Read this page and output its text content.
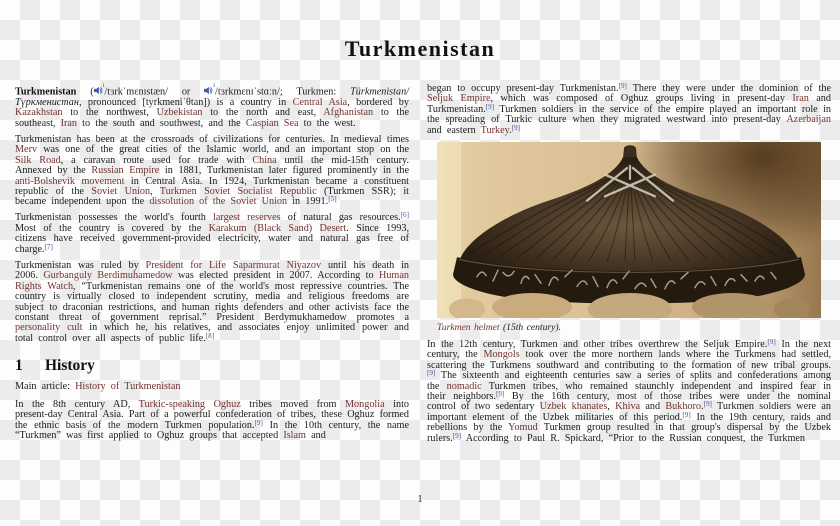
Turkmenistan

Turkmenistan ($^i$/tɜrkˈmɛnɪstæn/ or $^i$/tɜrkmɛnɪˈstɑːn/; Turkmen: Türkmenistan/Түркменистан, pronounced [tyrkmeniˈθtan]) is a country in Central Asia, bordered by Kazakhstan to the northwest, Uzbekistan to the north and east, Afghanistan to the southeast, Iran to the south and southwest, and the Caspian Sea to the west.

Turkmenistan has been at the crossroads of civilizations for centuries. In medieval times Merv was one of the great cities of the Islamic world, and an important stop on the Silk Road, a caravan route used for trade with China until the mid-15th century. Annexed by the Russian Empire in 1881, Turkmenistan later figured prominently in the anti-Bolshevik movement in Central Asia. In 1924, Turkmenistan became a constituent republic of the Soviet Union, Turkmen Soviet Socialist Republic (Turkmen SSR); it became independent upon the dissolution of the Soviet Union in 1991.[5]

Turkmenistan possesses the world's fourth largest reserves of natural gas resources.[6] Most of the country is covered by the Karakum (Black Sand) Desert. Since 1993, citizens have received government-provided electricity, water and natural gas free of charge.[7]

Turkmenistan was ruled by President for Life Saparmurat Niyazov until his death in 2006. Gurbanguly Berdimuhamedow was elected president in 2007. According to Human Rights Watch, “Turkmenistan remains one of the world's most repressive countries. The country is virtually closed to independent scrutiny, media and religious freedoms are subject to draconian restrictions, and human rights defenders and other activists face the constant threat of government reprisal.” President Berdymukhamedow promotes a personality cult in which he, his relatives, and associates enjoy unlimited power and total control over all aspects of public life.[8]

1 History

Main article: History of Turkmenistan

In the 8th century AD, Turkic-speaking Oghuz tribes moved from Mongolia into present-day Central Asia. Part of a powerful confederation of tribes, these Oghuz formed the ethnic basis of the modern Turkmen population.[9] In the 10th century, the name “Turkmen” was first applied to Oghuz groups that accepted Islam and

began to occupy present-day Turkmenistan.[9] There they were under the dominion of the Seljuk Empire, which was composed of Oghuz groups living in present-day Iran and Turkmenistan.[9] Turkmen soldiers in the service of the empire played an important role in the spreading of Turkic culture when they migrated westward into present-day Azerbaijan and eastern Turkey.[9]

Turkmen helmet (15th century).

In the 12th century, Turkmen and other tribes overthrew the Seljuk Empire.[9] In the next century, the Mongols took over the more northern lands where the Turkmens had settled, scattering the Turkmens southward and contributing to the formation of new tribal groups.[9] The sixteenth and eighteenth centuries saw a series of splits and confederations among the nomadic Turkmen tribes, who remained staunchly independent and inspired fear in their neighbors.[9] By the 16th century, most of those tribes were under the nominal control of two sedentary Uzbek khanates, Khiva and Bukhoro.[9] Turkmen soldiers were an important element of the Uzbek militaries of this period.[9] In the 19th century, raids and rebellions by the Yomud Turkmen group resulted in that group's dispersal by the Uzbek rulers.[9] According to Paul R. Spickard, “Prior to the Russian conquest, the Turkmen

1
